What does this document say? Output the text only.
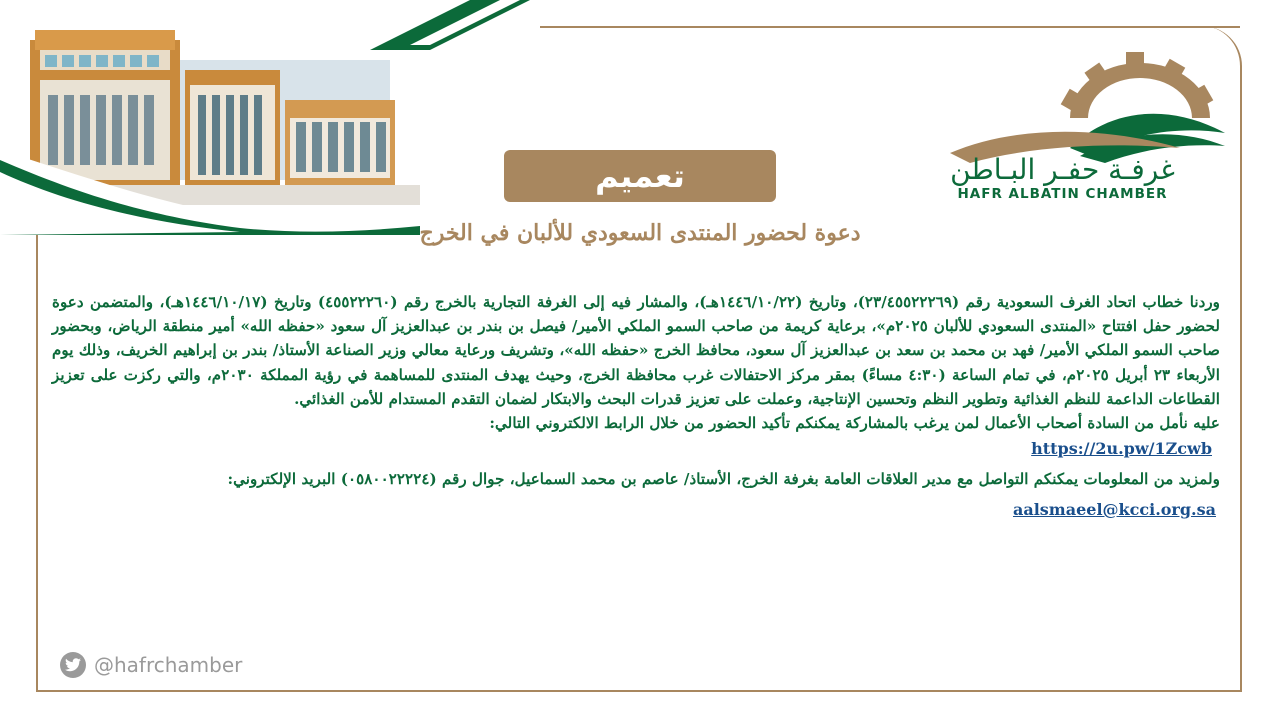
غرفـة حفـر البـاطن
HAFR ALBATIN CHAMBER
تعميم
دعوة لحضور المنتدى السعودي للألبان في الخرج

وردنا خطاب اتحاد الغرف السعودية رقم (٢٣/٤٥٥٢٢٢٦٩)، وتاريخ (١٤٤٦/١٠/٢٢هـ)، والمشار فيه إلى الغرفة التجارية بالخرج رقم (٤٥٥٢٢٢٦٠) وتاريخ (١٤٤٦/١٠/١٧هـ)، والمتضمن دعوة لحضور حفل افتتاح «المنتدى السعودي للألبان ٢٠٢٥م»، برعاية كريمة من صاحب السمو الملكي الأمير/ فيصل بن بندر بن عبدالعزيز آل سعود «حفظه الله» أمير منطقة الرياض، وبحضور صاحب السمو الملكي الأمير/ فهد بن محمد بن سعد بن عبدالعزيز آل سعود، محافظ الخرج «حفظه الله»، وتشريف ورعاية معالي وزير الصناعة الأستاذ/ بندر بن إبراهيم الخريف، وذلك يوم الأربعاء ٢٣ أبريل ٢٠٢٥م، في تمام الساعة (٤:٣٠ مساءً) بمقر مركز الاحتفالات غرب محافظة الخرج، وحيث يهدف المنتدى للمساهمة في رؤية المملكة ٢٠٣٠م، والتي ركزت على تعزيز القطاعات الداعمة للنظم الغذائية وتطوير النظم وتحسين الإنتاجية، وعملت على تعزيز قدرات البحث والابتكار لضمان التقدم المستدام للأمن الغذائي.

عليه نأمل من السادة أصحاب الأعمال لمن يرغب بالمشاركة يمكنكم تأكيد الحضور من خلال الرابط الالكتروني التالي:

https://2u.pw/1Zcwb

ولمزيد من المعلومات يمكنكم التواصل مع مدير العلاقات العامة بغرفة الخرج، الأستاذ/ عاصم بن محمد السماعيل، جوال رقم (٠٥٨٠٠٢٢٢٢٤) البريد الإلكتروني:

aalsmaeel@kcci.org.sa

@hafrchamber
